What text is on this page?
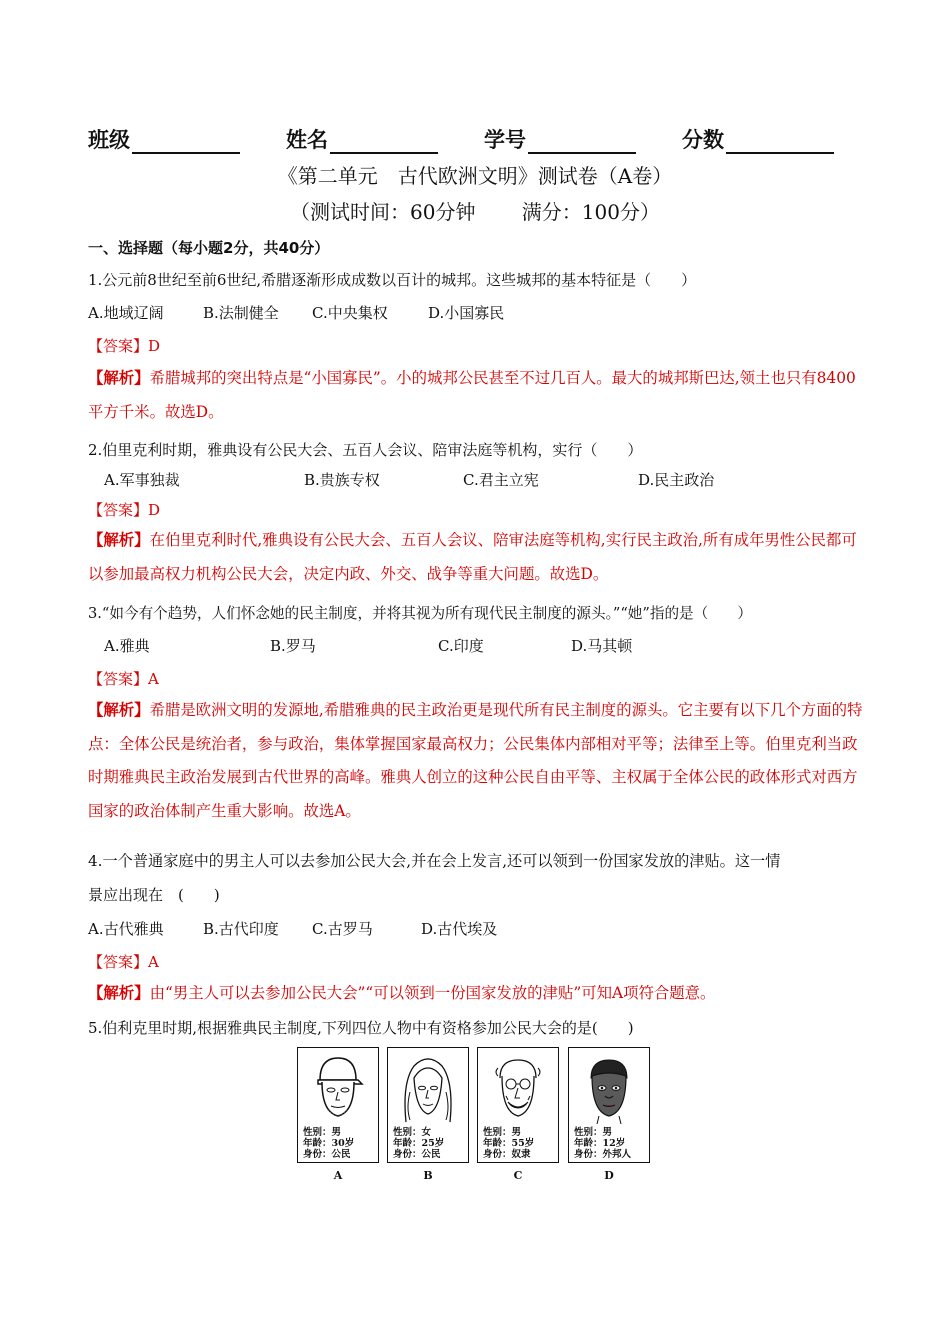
班级	姓名	学号	分数
《第二单元　古代欧洲文明》测试卷（A卷）
（测试时间：60分钟　　 满分：100分）
一、选择题（每小题2分，共40分）
1.公元前8世纪至前6世纪,希腊逐渐形成成数以百计的城邦。这些城邦的基本特征是（　　）
A.地域辽阔	B.法制健全 C.中央集权	D.小国寡民
【答案】D
【解析】希腊城邦的突出特点是“小国寡民”。小的城邦公民甚至不过几百人。最大的城邦斯巴达,领土也只有8400平方千米。故选D。
2.伯里克利时期，雅典设有公民大会、五百人会议、陪审法庭等机构，实行（　　）
A.军事独裁	B.贵族专权	C.君主立宪	D.民主政治
【答案】D
【解析】在伯里克利时代,雅典设有公民大会、五百人会议、陪审法庭等机构,实行民主政治,所有成年男性公民都可以参加最高权力机构公民大会，决定内政、外交、战争等重大问题。故选D。
3.“如今有个趋势，人们怀念她的民主制度，并将其视为所有现代民主制度的源头。”“她”指的是（　　）
A.雅典	B.罗马	C.印度	D.马其顿
【答案】A
【解析】希腊是欧洲文明的发源地,希腊雅典的民主政治更是现代所有民主制度的源头。它主要有以下几个方面的特点：全体公民是统治者，参与政治，集体掌握国家最高权力；公民集体内部相对平等；法律至上等。伯里克利当政时期雅典民主政治发展到古代世界的高峰。雅典人创立的这种公民自由平等、主权属于全体公民的政体形式对西方国家的政治体制产生重大影响。故选A。
4.一个普通家庭中的男主人可以去参加公民大会,并在会上发言,还可以领到一份国家发放的津贴。这一情
景应出现在　(　　)
A.古代雅典	B.古代印度 C.古罗马	D.古代埃及
【答案】A
【解析】由“男主人可以去参加公民大会”“可以领到一份国家发放的津贴”可知A项符合题意。
5.伯利克里时期,根据雅典民主制度,下列四位人物中有资格参加公民大会的是(　　)
性别：男
年龄：30岁
身份：公民
A
性别：女
年龄：25岁
身份：公民
B
性别：男
年龄：55岁
身份：奴隶
C
性别：男
年龄：12岁
身份：外邦人
D
